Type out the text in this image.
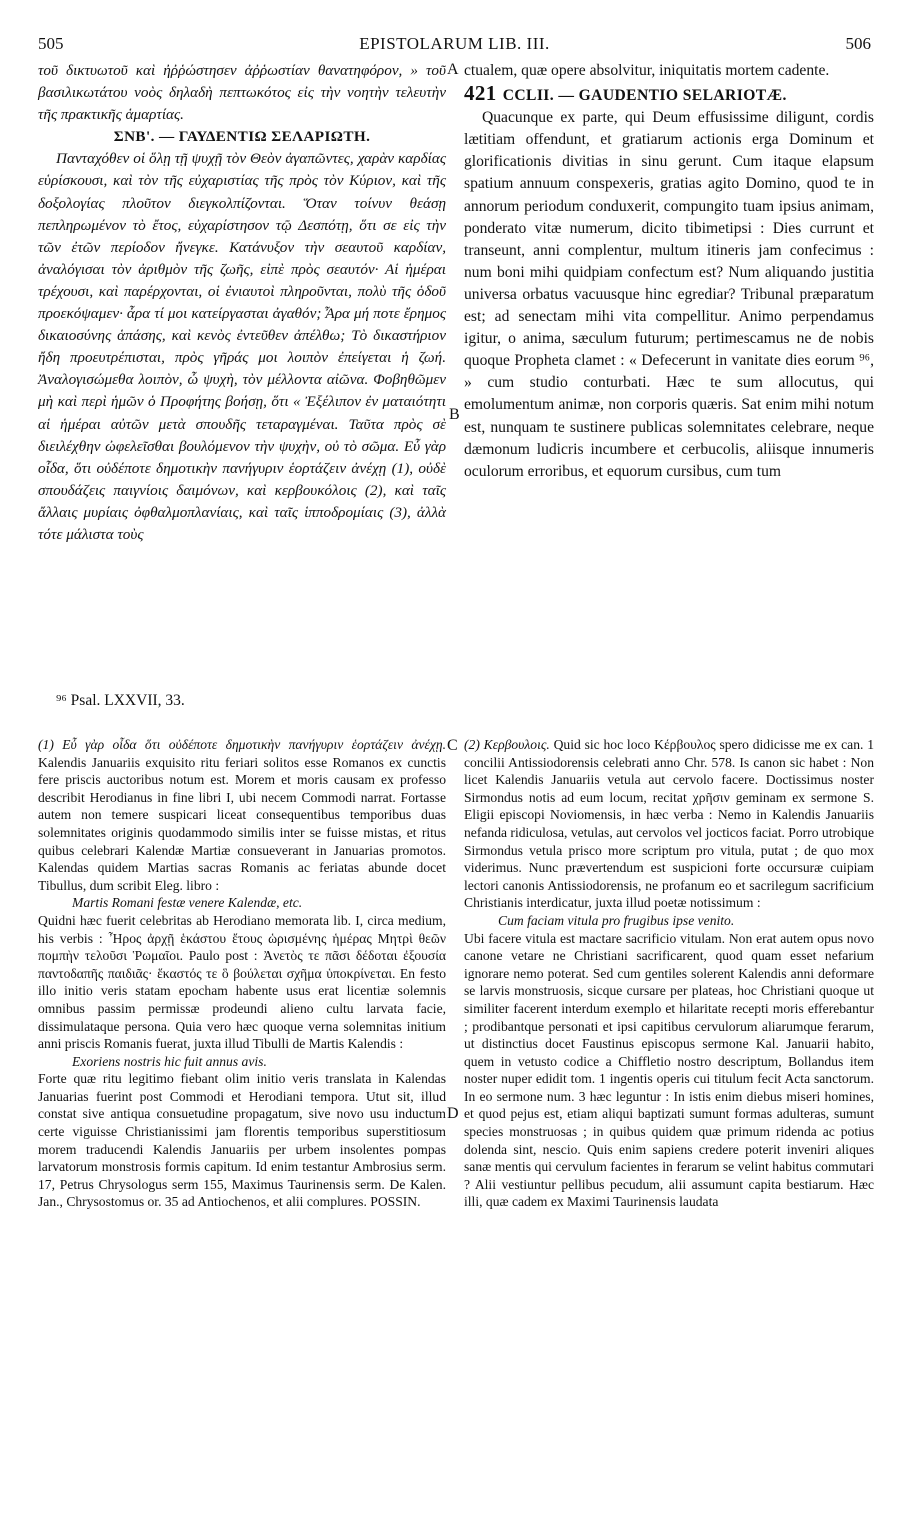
505	EPISTOLARUM LIB. III.	506

τοῦ δικτυωτοῦ καὶ ἠῤῥώστησεν ἀῤῥωστίαν θανατηφόρον, » τοῦ βασιλικωτάτου νοὸς δηλαδὴ πεπτωκότος εἰς τὴν νοητὴν τελευτὴν τῆς πρακτικῆς ἁμαρτίας.

ΣΝΒ'. — ΓΑΥΔΕΝΤΙΩ ΣΕΛΑΡΙΩΤΗ.

Πανταχόθεν οἱ ὅλῃ τῇ ψυχῇ τὸν Θεὸν ἀγαπῶντες, χαρὰν καρδίας εὑρίσκουσι, καὶ τὸν τῆς εὐχαριστίας τῆς πρὸς τὸν Κύριον, καὶ τῆς δοξολογίας πλοῦτον διεγκολπίζονται. Ὅταν τοίνυν θεάσῃ πεπληρωμένον τὸ ἔτος, εὐχαρίστησον τῷ Δεσπότῃ, ὅτι σε εἰς τὴν τῶν ἐτῶν περίοδον ἤνεγκε. Κατάνυξον τὴν σεαυτοῦ καρδίαν, ἀναλόγισαι τὸν ἀριθμὸν τῆς ζωῆς, εἰπὲ πρὸς σεαυτόν· Αἱ ἡμέραι τρέχουσι, καὶ παρέρχονται, οἱ ἐνιαυτοὶ πληροῦνται, πολὺ τῆς ὁδοῦ προεκόψαμεν· ἆρα τί μοι κατείργασται ἀγαθόν; Ἆρα μή ποτε ἔρημος δικαιοσύνης ἁπάσης, καὶ κενὸς ἐντεῦθεν ἀπέλθω; Τὸ δικαστήριον ἤδη προευτρέπισται, πρὸς γῆράς μοι λοιπὸν ἐπείγεται ἡ ζωή. Ἀναλογισώμεθα λοιπὸν, ὦ ψυχὴ, τὸν μέλλοντα αἰῶνα. Φοβηθῶμεν μὴ καὶ περὶ ἡμῶν ὁ Προφήτης βοήσῃ, ὅτι « Ἐξέλιπον ἐν ματαιότητι αἱ ἡμέραι αὐτῶν μετὰ σπουδῆς τεταραγμέναι. Ταῦτα πρὸς σὲ διειλέχθην ὠφελεῖσθαι βουλόμενον τὴν ψυχὴν, οὐ τὸ σῶμα. Εὖ γὰρ οἶδα, ὅτι οὐδέποτε δημοτικὴν πανήγυριν ἑορτάζειν ἀνέχῃ (1), οὐδὲ σπουδάζεις παιγνίοις δαιμόνων, καὶ κερβουκόλοις (2), καὶ ταῖς ἄλλαις μυρίαις ὀφθαλμοπλανίαις, καὶ ταῖς ἱπποδρομίαις (3), ἀλλὰ τότε μάλιστα τοὺς

ctualem, quæ opere absolvitur, iniquitatis mortem cadente.

421 CCLII. — GAUDENTIO SELARIOTÆ.

Quacunque ex parte, qui Deum effusissime diligunt, cordis lætitiam offendunt, et gratiarum actionis erga Dominum et glorificationis divitias in sinu gerunt. Cum itaque elapsum spatium annuum conspexeris, gratias agito Domino, quod te in annorum periodum conduxerit, compungito tuam ipsius animam, ponderato vitæ numerum, dicito tibimetipsi : Dies currunt et transeunt, anni complentur, multum itineris jam confecimus : num boni mihi quidpiam confectum est? Num aliquando justitia universa orbatus vacuusque hinc egrediar? Tribunal præparatum est; ad senectam mihi vita compellitur. Animo perpendamus igitur, o anima, sæculum futurum; pertimescamus ne de nobis quoque Propheta clamet : « Defecerunt in vanitate dies eorum ⁹⁶, » cum studio conturbati. Hæc te sum allocutus, qui emolumentum animæ, non corporis quæris. Sat enim mihi notum est, nunquam te sustinere publicas solemnitates celebrare, neque dæmonum ludicris incumbere et cerbucolis, aliisque innumeris oculorum erroribus, et equorum cursibus, cum tum

A
B
C
D
⁹⁶ Psal. LXXVII, 33.

(1) Εὖ γὰρ οἶδα ὅτι οὐδέποτε δημοτικὴν πανήγυριν ἑορτάζειν ἀνέχῃ. Kalendis Januariis exquisito ritu feriari solitos esse Romanos ex cunctis fere priscis auctoribus notum est. Morem et moris causam ex professo describit Herodianus in fine libri I, ubi necem Commodi narrat. Fortasse autem non temere suspicari liceat consequentibus temporibus duas solemnitates originis quodammodo similis inter se fuisse mistas, et ritus quibus celebrari Kalendæ Martiæ consueverant in Januarias promotos. Kalendas quidem Martias sacras Romanis ac feriatas abunde docet Tibullus, dum scribit Eleg. libro :

Martis Romani festæ venere Kalendæ, etc.

Quidni hæc fuerit celebritas ab Herodiano memorata lib. I, circa medium, his verbis : Ἦρος ἀρχῇ ἑκάστου ἔτους ὡρισμένης ἡμέρας Μητρὶ θεῶν πομπὴν τελοῦσι Ῥωμαῖοι. Paulo post : Ἀνετὸς τε πᾶσι δέδοται ἐξουσία παντοδαπῆς παιδιᾶς· ἕκαστός τε ὃ βούλεται σχῆμα ὑποκρίνεται. En festo illo initio veris statam epocham habente usus erat licentiæ solemnis omnibus passim permissæ prodeundi alieno cultu larvata facie, dissimulataque persona. Quia vero hæc quoque verna solemnitas initium anni priscis Romanis fuerat, juxta illud Tibulli de Martis Kalendis :

Exoriens nostris hic fuit annus avis.

Forte quæ ritu legitimo fiebant olim initio veris translata in Kalendas Januarias fuerint post Commodi et Herodiani tempora. Utut sit, illud constat sive antiqua consuetudine propagatum, sive novo usu inductum certe viguisse Christianissimi jam florentis temporibus superstitiosum morem traducendi Kalendis Januariis per urbem insolentes pompas larvatorum monstrosis formis capitum. Id enim testantur Ambrosius serm. 17, Petrus Chrysologus serm 155, Maximus Taurinensis serm. De Kalen. Jan., Chrysostomus or. 35 ad Antiochenos, et alii complures. POSSIN.

(2) Κερβουλοις. Quid sic hoc loco Κέρβουλος spero didicisse me ex can. 1 concilii Antissiodorensis celebrati anno Chr. 578. Is canon sic habet : Non licet Kalendis Januariis vetula aut cervolo facere. Doctissimus noster Sirmondus notis ad eum locum, recitat χρῆσιν geminam ex sermone S. Eligii episcopi Noviomensis, in hæc verba : Nemo in Kalendis Januariis nefanda ridiculosa, vetulas, aut cervolos vel jocticos faciat. Porro utrobique Sirmondus vetula prisco more scriptum pro vitula, putat ; de quo mox viderimus. Nunc prævertendum est suspicioni forte occursuræ cuipiam lectori canonis Antissiodorensis, ne profanum eo et sacrilegum sacrificium Christianis interdicatur, juxta illud poetæ notissimum :

Cum faciam vitula pro frugibus ipse venito.

Ubi facere vitula est mactare sacrificio vitulam. Non erat autem opus novo canone vetare ne Christiani sacrificarent, quod quam esset nefarium ignorare nemo poterat. Sed cum gentiles solerent Kalendis anni deformare se larvis monstruosis, sicque cursare per plateas, hoc Christiani quoque ut similiter facerent interdum exemplo et hilaritate recepti moris efferebantur ; prodibantque personati et ipsi capitibus cervulorum aliarumque ferarum, ut distinctius docet Faustinus episcopus sermone Kal. Januarii habito, quem in vetusto codice a Chiffletio nostro descriptum, Bollandus item noster nuper edidit tom. 1 ingentis operis cui titulum fecit Acta sanctorum. In eo sermone num. 3 hæc leguntur : In istis enim diebus miseri homines, et quod pejus est, etiam aliqui baptizati sumunt formas adulteras, sumunt species monstruosas ; in quibus quidem quæ primum ridenda ac potius dolenda sint, nescio. Quis enim sapiens credere poterit inveniri aliques sanæ mentis qui cervulum facientes in ferarum se velint habitus commutari ? Alii vestiuntur pellibus pecudum, alii assumunt capita bestiarum. Hæc illi, quæ cadem ex Maximi Taurinensis laudata
